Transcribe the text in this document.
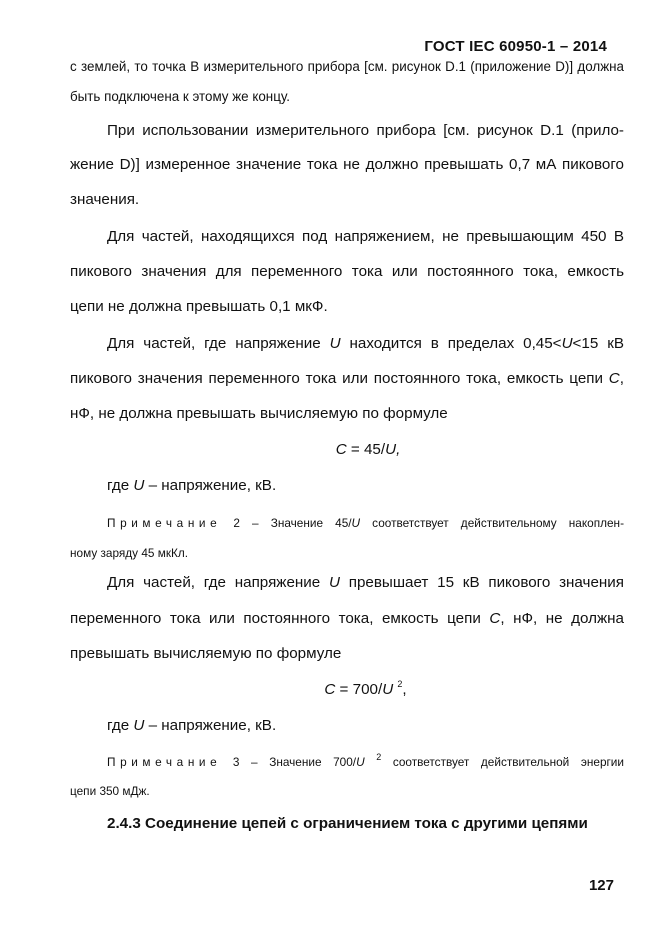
ГОСТ IEC 60950-1 – 2014
с землей, то точка B измерительного прибора [см. рисунок D.1 (приложение D)] должна
быть подключена к этому же концу.
При использовании измерительного прибора [см. рисунок D.1 (прило-
жение D)] измеренное значение тока не должно превышать 0,7 мА пикового
значения.
Для частей, находящихся под напряжением, не превышающим 450 В
пикового значения для переменного тока или постоянного тока, емкость
цепи не должна превышать 0,1 мкФ.
Для частей, где напряжение U находится в пределах 0,45<U<15 кВ
пикового значения переменного тока или постоянного тока, емкость цепи C,
нФ, не должна превышать вычисляемую по формуле
C = 45/U,
где U – напряжение, кВ.
Примечание 2 – Значение 45/U соответствует действительному накоплен-
ному заряду 45 мкКл.
Для частей, где напряжение U превышает 15 кВ пикового значения
переменного тока или постоянного тока, емкость цепи C, нФ, не должна
превышать вычисляемую по формуле
C = 700/U $^2$,
где U – напряжение, кВ.
Примечание 3 – Значение 700/U $^2$ соответствует действительной энергии
цепи 350 мДж.
2.4.3 Соединение цепей с ограничением тока с другими цепями
127
